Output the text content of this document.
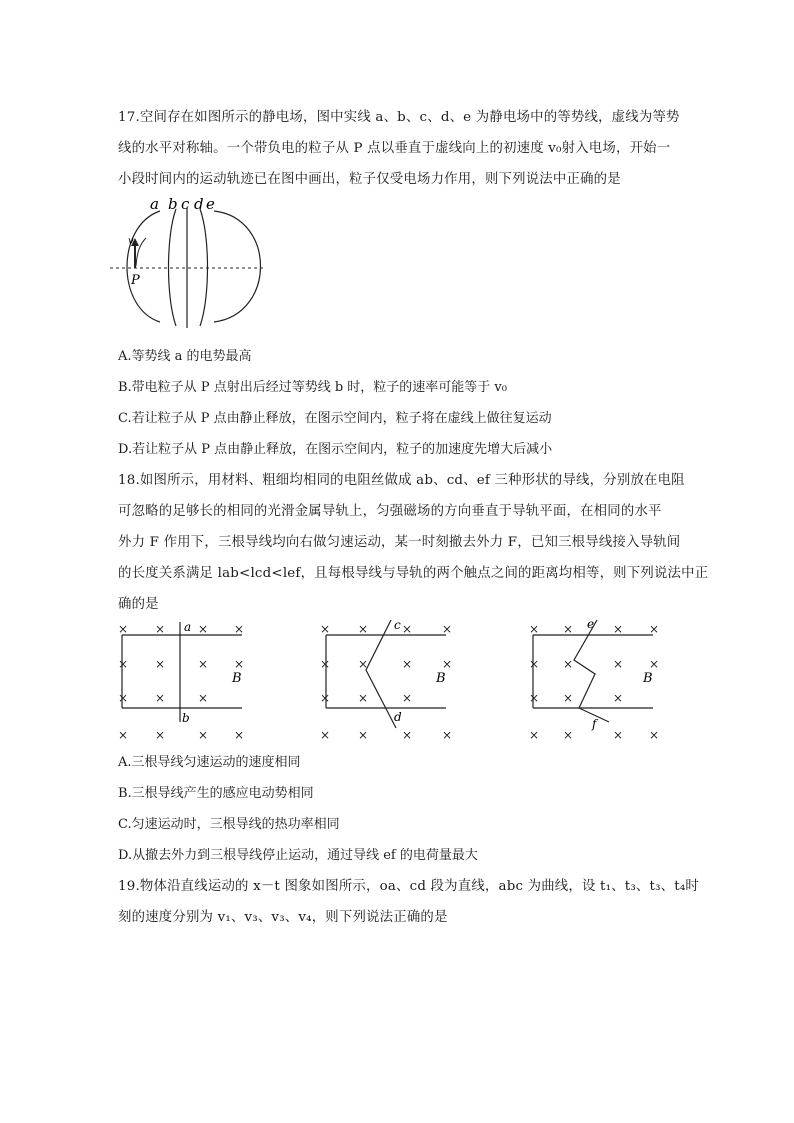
17.空间存在如图所示的静电场，图中实线 a、b、c、d、e 为静电场中的等势线，虚线为等势
线的水平对称轴。一个带负电的粒子从 P 点以垂直于虚线向上的初速度 v₀射入电场，开始一
小段时间内的运动轨迹已在图中画出，粒子仅受电场力作用，则下列说法中正确的是
a b c d e
v
P
A.等势线 a 的电势最高
B.带电粒子从 P 点射出后经过等势线 b 时，粒子的速率可能等于 v₀
C.若让粒子从 P 点由静止释放，在图示空间内，粒子将在虚线上做往复运动
D.若让粒子从 P 点由静止释放，在图示空间内，粒子的加速度先增大后减小
18.如图所示，用材料、粗细均相同的电阻丝做成 ab、cd、ef 三种形状的导线，分别放在电阻
可忽略的足够长的相同的光滑金属导轨上，匀强磁场的方向垂直于导轨平面，在相同的水平
外力 F 作用下，三根导线均向右做匀速运动，某一时刻撤去外力 F，已知三根导线接入导轨间
的长度关系满足 lab<lcd<lef，且每根导线与导轨的两个触点之间的距离均相等，则下列说法中正
确的是
× ×	× ×
× ×	× ×
× ×	×
× ×	× ×
a
b
B
× ×	× ×
× ×	× ×
× ×	×
× ×	× ×
c
d
B
× ×	× ×
× ×	× ×
× ×	×
× ×	× ×
e
f
B
A.三根导线匀速运动的速度相同
B.三根导线产生的感应电动势相同
C.匀速运动时，三根导线的热功率相同
D.从撤去外力到三根导线停止运动，通过导线 ef 的电荷量最大
19.物体沿直线运动的 x－t 图象如图所示，oa、cd 段为直线，abc 为曲线，设 t₁、t₃、t₃、t₄时
刻的速度分别为 v₁、v₃、v₃、v₄，则下列说法正确的是
